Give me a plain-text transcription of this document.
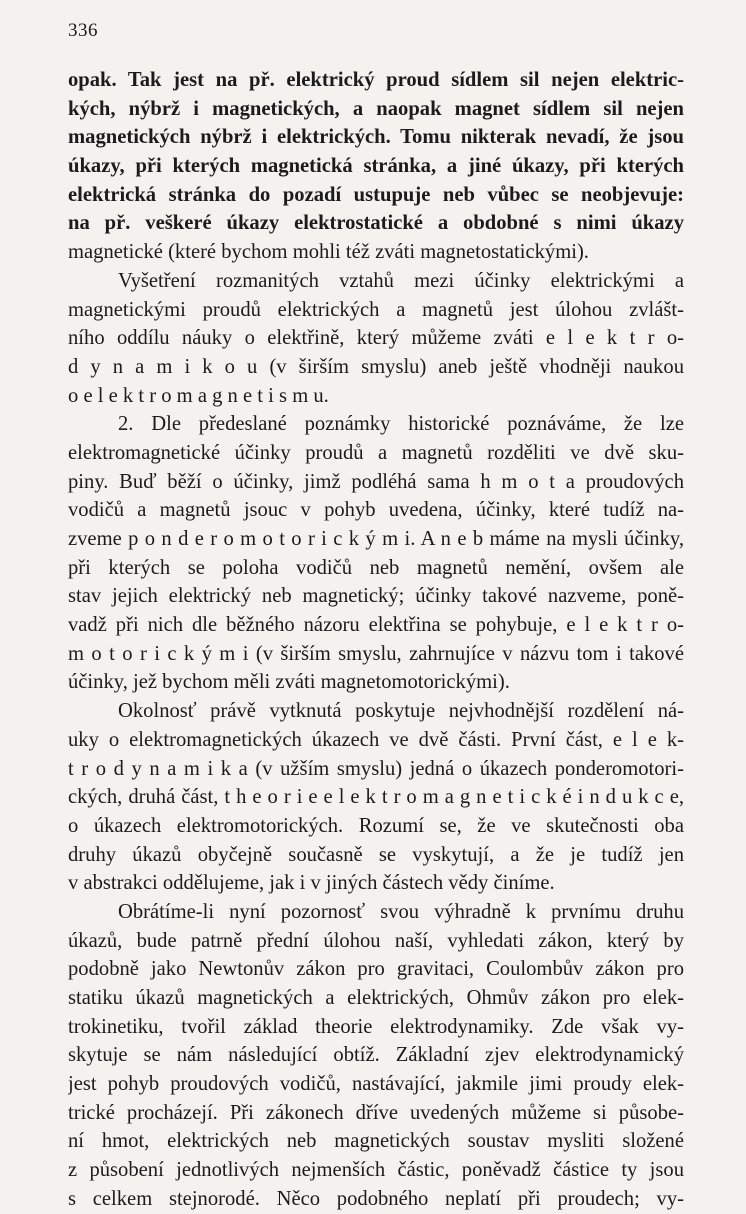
336
opak. Tak jest na př. elektrický proud sídlem sil nejen elektric-
kých, nýbrž i magnetických, a naopak magnet sídlem sil nejen
magnetických nýbrž i elektrických. Tomu nikterak nevadí, že jsou
úkazy, při kterých magnetická stránka, a jiné úkazy, při kterých
elektrická stránka do pozadí ustupuje neb vůbec se neobjevuje:
na př. veškeré úkazy elektrostatické a obdobné s nimi úkazy
magnetické (které bychom mohli též zváti magnetostatickými).
Vyšetření rozmanitých vztahů mezi účinky elektrickými a
magnetickými proudů elektrických a magnetů jest úlohou zvlášt-
ního oddílu náuky o elektřině, který můžeme zváti e l e k t r o-
d y n a m i k o u (v širším smyslu) aneb ještě vhodněji naukou
o e l e k t r o m a g n e t i s m u.
2. Dle předeslané poznámky historické poznáváme, že lze
elektromagnetické účinky proudů a magnetů rozděliti ve dvě sku-
piny. Buď běží o účinky, jimž podléhá sama h m o t a proudových
vodičů a magnetů jsouc v pohyb uvedena, účinky, které tudíž na-
zveme p o n d e r o m o t o r i c k ý m i. A n e b máme na mysli účinky,
při kterých se poloha vodičů neb magnetů nemění, ovšem ale
stav jejich elektrický neb magnetický; účinky takové nazveme, poně-
vadž při nich dle běžného názoru elektřina se pohybuje, e l e k t r o-
m o t o r i c k ý m i (v širším smyslu, zahrnujíce v názvu tom i takové
účinky, jež bychom měli zváti magnetomotorickými).
Okolnosť právě vytknutá poskytuje nejvhodnější rozdělení ná-
uky o elektromagnetických úkazech ve dvě části. První část, e l e k-
t r o d y n a m i k a (v užším smyslu) jedná o úkazech ponderomotori-
ckých, druhá část, t h e o r i e e l e k t r o m a g n e t i c k é i n d u k c e,
o úkazech elektromotorických. Rozumí se, že ve skutečnosti oba
druhy úkazů obyčejně současně se vyskytují, a že je tudíž jen
v abstrakci oddělujeme, jak i v jiných částech vědy činíme.
Obrátíme-li nyní pozornosť svou výhradně k prvnímu druhu
úkazů, bude patrně přední úlohou naší, vyhledati zákon, který by
podobně jako Newtonův zákon pro gravitaci, Coulombův zákon pro
statiku úkazů magnetických a elektrických, Ohmův zákon pro elek-
trokinetiku, tvořil základ theorie elektrodynamiky. Zde však vy-
skytuje se nám následující obtíž. Základní zjev elektrodynamický
jest pohyb proudových vodičů, nastávající, jakmile jimi proudy elek-
trické procházejí. Při zákonech dříve uvedených můžeme si působe-
ní hmot, elektrických neb magnetických soustav mysliti složené
z působení jednotlivých nejmenších částic, poněvadž částice ty jsou
s celkem stejnorodé. Něco podobného neplatí při proudech; vy-
